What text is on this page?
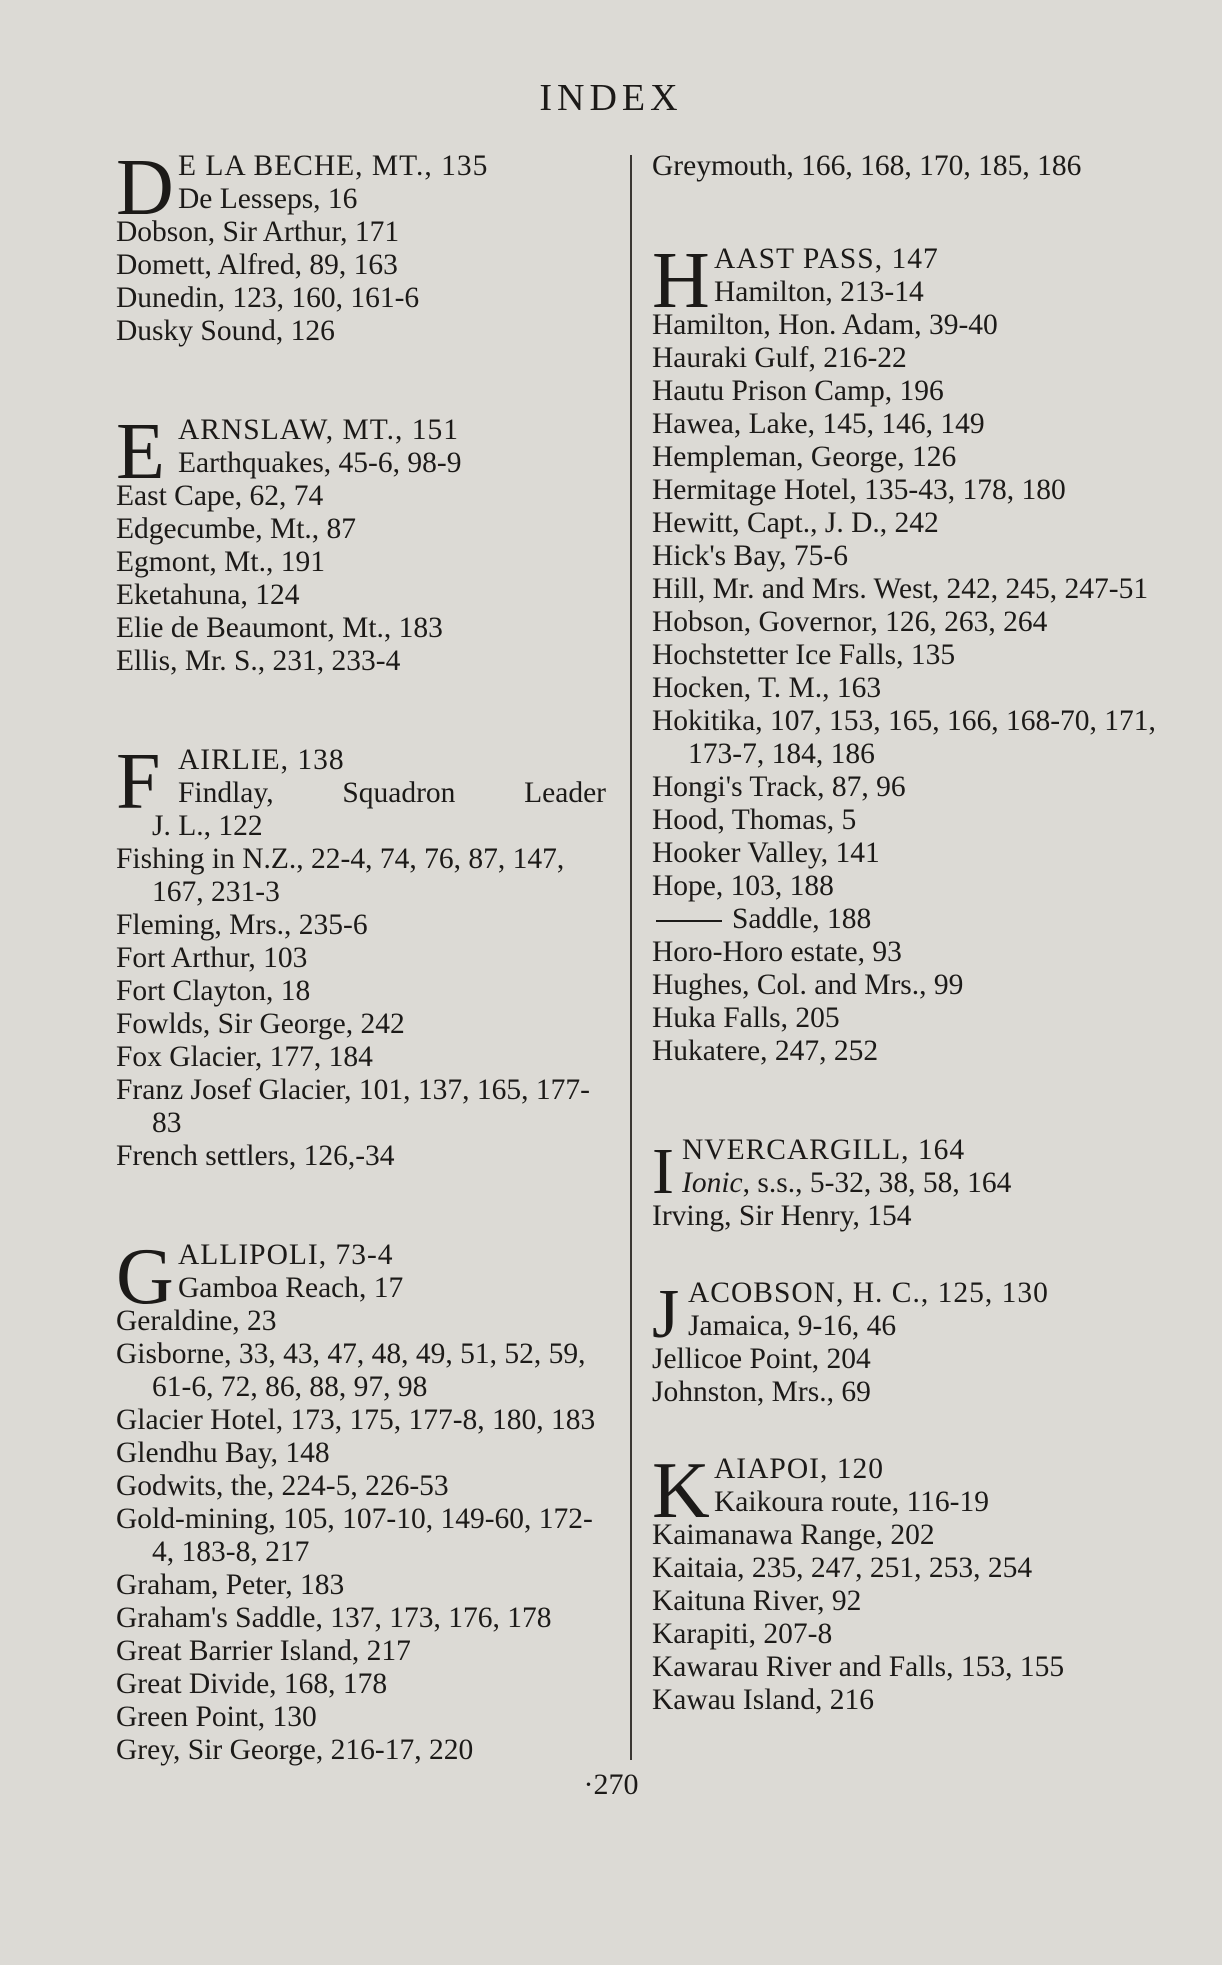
INDEX
D E LA BECHE, MT., 135
De Lesseps, 16
Dobson, Sir Arthur, 171
Domett, Alfred, 89, 163
Dunedin, 123, 160, 161-6
Dusky Sound, 126
E ARNSLAW, MT., 151
Earthquakes, 45-6, 98-9
East Cape, 62, 74
Edgecumbe, Mt., 87
Egmont, Mt., 191
Eketahuna, 124
Elie de Beaumont, Mt., 183
Ellis, Mr. S., 231, 233-4
F AIRLIE, 138
Findlay, Squadron Leader
J. L., 122
Fishing in N.Z., 22-4, 74, 76, 87, 147, 167, 231-3
Fleming, Mrs., 235-6
Fort Arthur, 103
Fort Clayton, 18
Fowlds, Sir George, 242
Fox Glacier, 177, 184
Franz Josef Glacier, 101, 137, 165, 177-83
French settlers, 126,-34
G ALLIPOLI, 73-4
Gamboa Reach, 17
Geraldine, 23
Gisborne, 33, 43, 47, 48, 49, 51, 52, 59, 61-6, 72, 86, 88, 97, 98
Glacier Hotel, 173, 175, 177-8, 180, 183
Glendhu Bay, 148
Godwits, the, 224-5, 226-53
Gold-mining, 105, 107-10, 149-60, 172-4, 183-8, 217
Graham, Peter, 183
Graham's Saddle, 137, 173, 176, 178
Great Barrier Island, 217
Great Divide, 168, 178
Green Point, 130
Grey, Sir George, 216-17, 220
Greymouth, 166, 168, 170, 185, 186
H AAST PASS, 147
Hamilton, 213-14
Hamilton, Hon. Adam, 39-40
Hauraki Gulf, 216-22
Hautu Prison Camp, 196
Hawea, Lake, 145, 146, 149
Hempleman, George, 126
Hermitage Hotel, 135-43, 178, 180
Hewitt, Capt., J. D., 242
Hick's Bay, 75-6
Hill, Mr. and Mrs. West, 242, 245, 247-51
Hobson, Governor, 126, 263, 264
Hochstetter Ice Falls, 135
Hocken, T. M., 163
Hokitika, 107, 153, 165, 166, 168-70, 171, 173-7, 184, 186
Hongi's Track, 87, 96
Hood, Thomas, 5
Hooker Valley, 141
Hope, 103, 188
Saddle, 188
Horo-Horo estate, 93
Hughes, Col. and Mrs., 99
Huka Falls, 205
Hukatere, 247, 252
I NVERCARGILL, 164
Ionic, s.s., 5-32, 38, 58, 164
Irving, Sir Henry, 154
J ACOBSON, H. C., 125, 130
Jamaica, 9-16, 46
Jellicoe Point, 204
Johnston, Mrs., 69
K AIAPOI, 120
Kaikoura route, 116-19
Kaimanawa Range, 202
Kaitaia, 235, 247, 251, 253, 254
Kaituna River, 92
Karapiti, 207-8
Kawarau River and Falls, 153, 155
Kawau Island, 216
·270
